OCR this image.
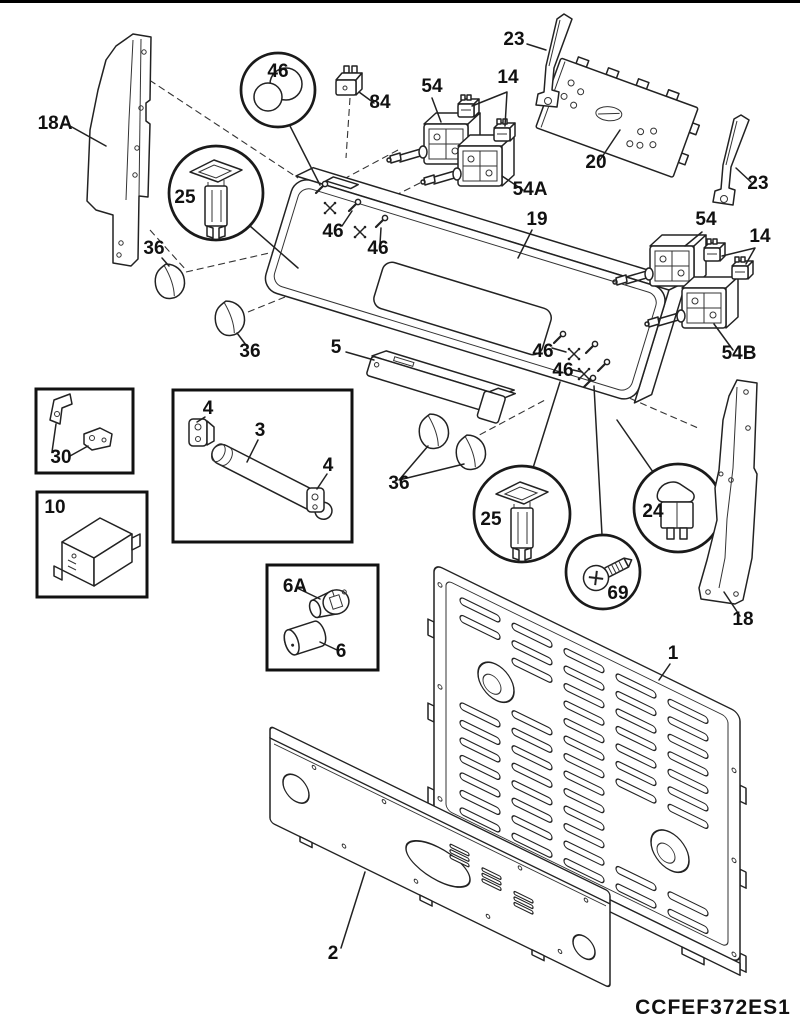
18A
46
84
54	14
23
20
23
25
36
36
19
46
46
54A
54
14
54B
5	46
46
30
4
3
4
36
25	24
69
10
6A
6
18
1
2
CCFEF372ES1
